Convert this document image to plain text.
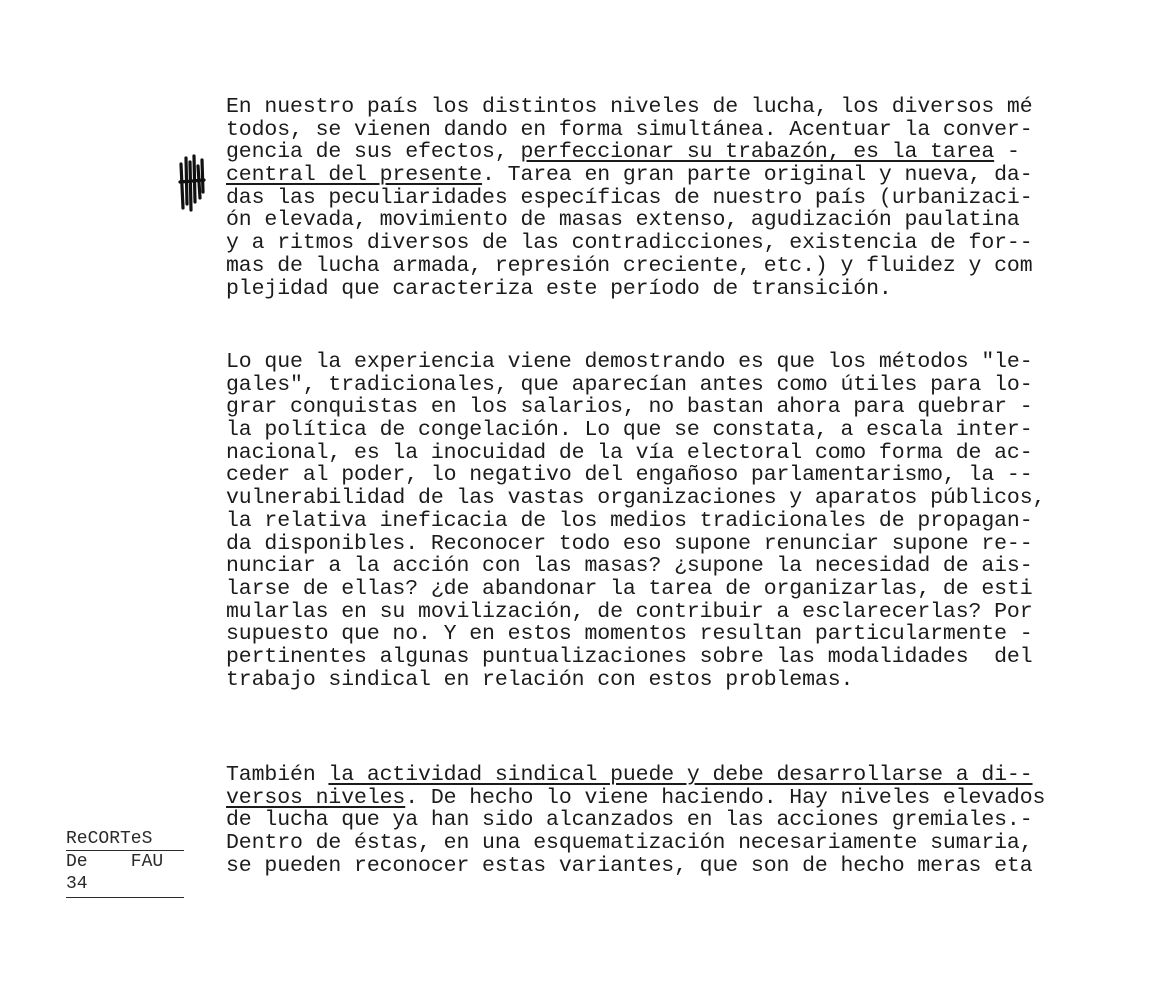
En nuestro país los distintos niveles de lucha, los diversos mé
todos, se vienen dando en forma simultánea. Acentuar la conver-
gencia de sus efectos, perfeccionar su trabazón, es la tarea -
central del presente. Tarea en gran parte original y nueva, da-
das las peculiaridades específicas de nuestro país (urbanizaci-
ón elevada, movimiento de masas extenso, agudización paulatina
y a ritmos diversos de las contradicciones, existencia de for--
mas de lucha armada, represión creciente, etc.) y fluidez y com
plejidad que caracteriza este período de transición.
Lo que la experiencia viene demostrando es que los métodos "le-
gales", tradicionales, que aparecían antes como útiles para lo-
grar conquistas en los salarios, no bastan ahora para quebrar -
la política de congelación. Lo que se constata, a escala inter-
nacional, es la inocuidad de la vía electoral como forma de ac-
ceder al poder, lo negativo del engañoso parlamentarismo, la --
vulnerabilidad de las vastas organizaciones y aparatos públicos,
la relativa ineficacia de los medios tradicionales de propagan-
da disponibles. Reconocer todo eso supone renunciar supone re--
nunciar a la acción con las masas? ¿supone la necesidad de ais-
larse de ellas? ¿de abandonar la tarea de organizarlas, de esti
mularlas en su movilización, de contribuir a esclarecerlas? Por
supuesto que no. Y en estos momentos resultan particularmente -
pertinentes algunas puntualizaciones sobre las modalidades  del
trabajo sindical en relación con estos problemas.
También la actividad sindical puede y debe desarrollarse a di--
versos niveles. De hecho lo viene haciendo. Hay niveles elevados
de lucha que ya han sido alcanzados en las acciones gremiales.-
Dentro de éstas, en una esquematización necesariamente sumaria,
se pueden reconocer estas variantes, que son de hecho meras eta
ReCORTeS
De    FAU
34
